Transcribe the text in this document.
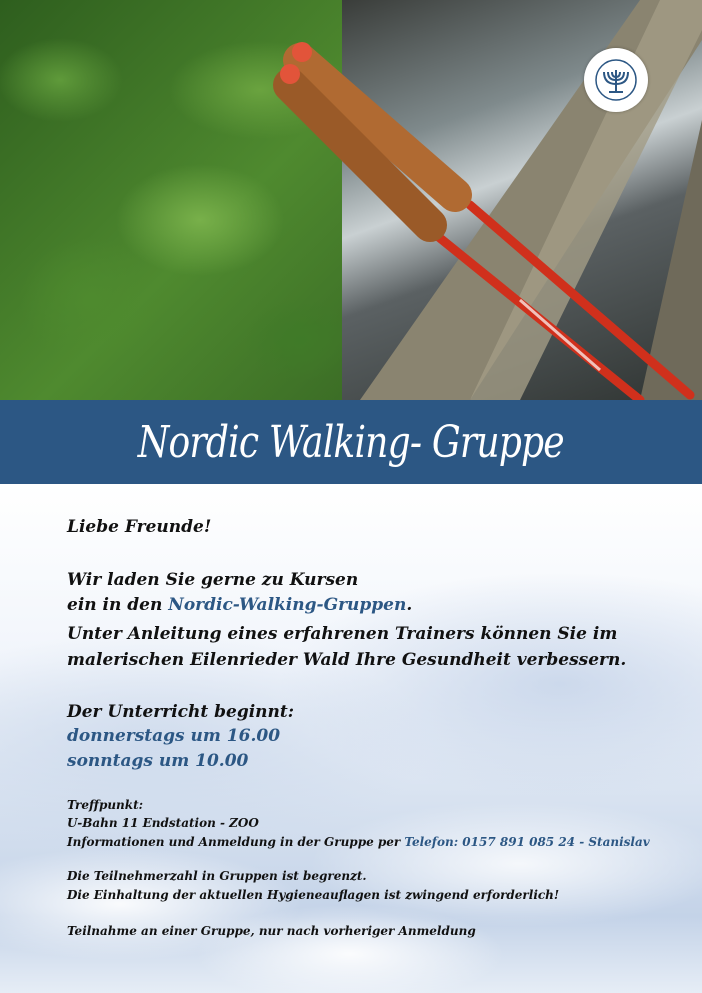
Nordic Walking- Gruppe

Liebe Freunde!

Wir laden Sie gerne zu Kursen

ein in den Nordic-Walking-Gruppen.

Unter Anleitung eines erfahrenen Trainers können Sie im

malerischen Eilenrieder Wald Ihre Gesundheit verbessern.

Der Unterricht beginnt:

donnerstags um 16.00

sonntags um 10.00

Treffpunkt:

U-Bahn 11 Endstation - ZOO

Informationen und Anmeldung in der Gruppe per Telefon: 0157 891 085 24 - Stanislav

Die Teilnehmerzahl in Gruppen ist begrenzt.

Die Einhaltung der aktuellen Hygieneauflagen ist zwingend erforderlich!

Teilnahme an einer Gruppe, nur nach vorheriger Anmeldung
